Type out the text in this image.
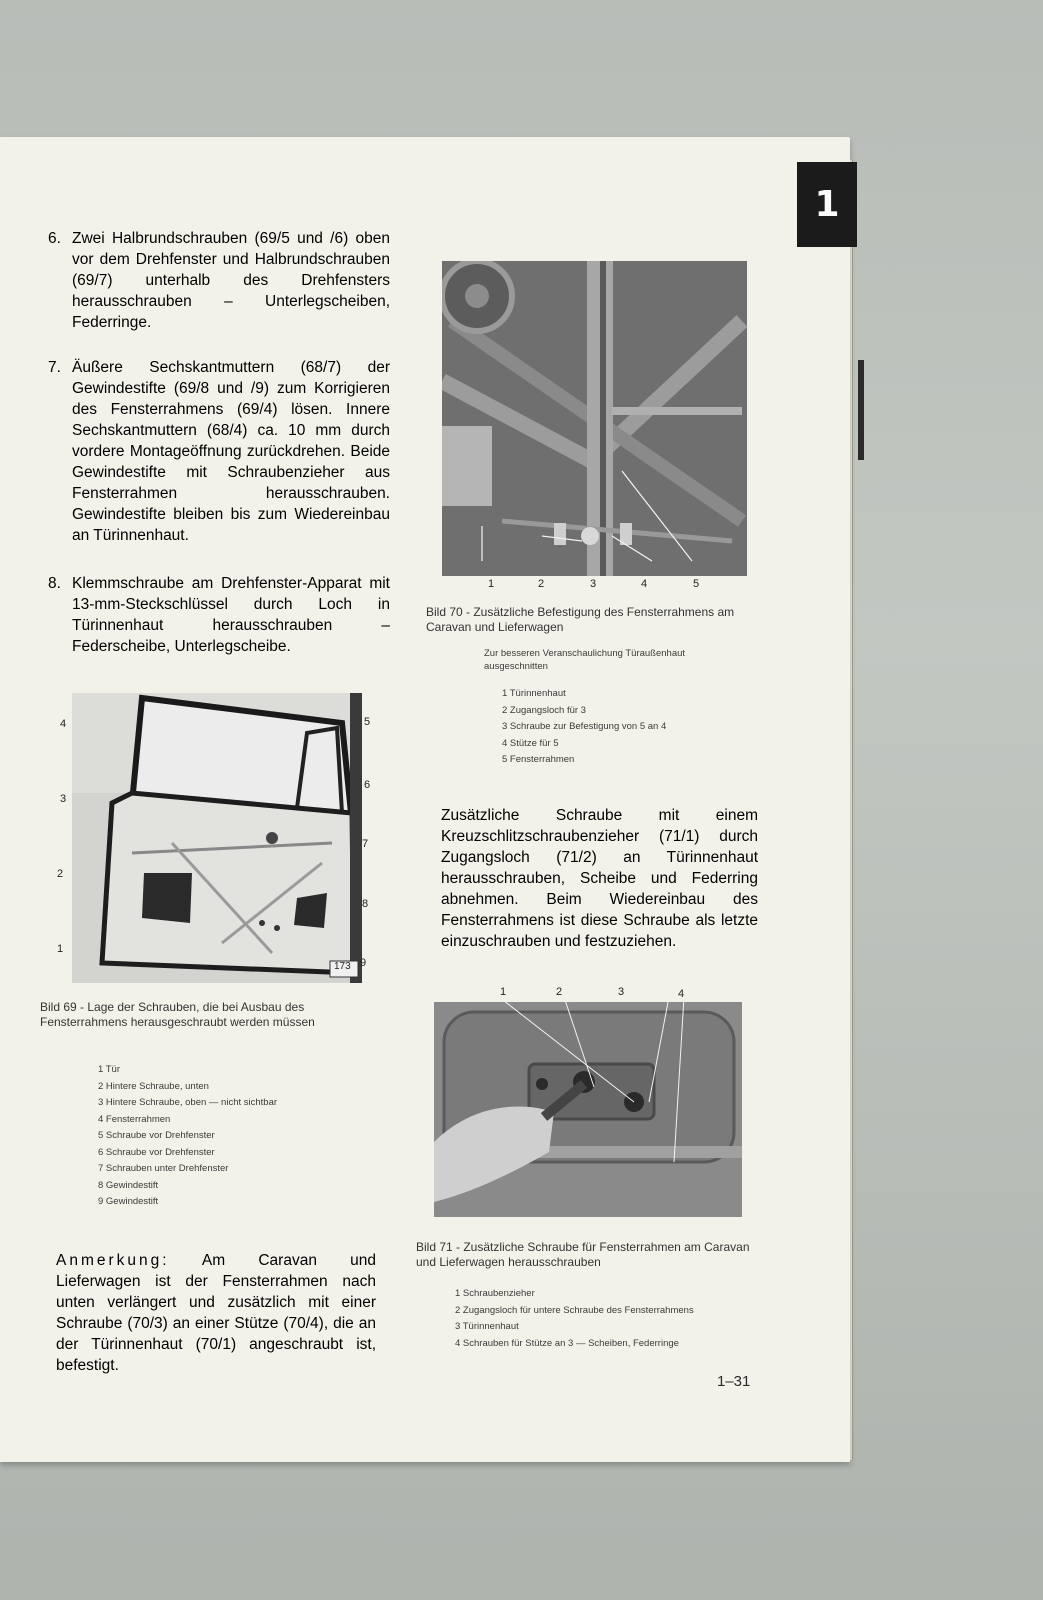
1
6. Zwei Halbrundschrauben (69/5 und /6) oben vor dem Drehfenster und Halbrundschrauben (69/7) unterhalb des Drehfensters herausschrauben – Unterlegscheiben, Federringe.
7. Äußere Sechskantmuttern (68/7) der Gewindestifte (69/8 und /9) zum Korrigieren des Fensterrahmens (69/4) lösen. Innere Sechskantmuttern (68/4) ca. 10 mm durch vordere Montageöffnung zurückdrehen. Beide Gewindestifte mit Schraubenzieher aus Fensterrahmen herausschrauben. Gewindestifte bleiben bis zum Wiedereinbau an Türinnenhaut.
8. Klemmschraube am Drehfenster-Apparat mit 13-mm-Steckschlüssel durch Loch in Türinnenhaut herausschrauben – Federscheibe, Unterlegscheibe.
173
4
3
2
1
5
6
7
8
9
Bild 69 - Lage der Schrauben, die bei Ausbau des Fensterrahmens herausgeschraubt werden müssen
1 Tür
2 Hintere Schraube, unten
3 Hintere Schraube, oben — nicht sichtbar
4 Fensterrahmen
5 Schraube vor Drehfenster
6 Schraube vor Drehfenster
7 Schrauben unter Drehfenster
8 Gewindestift
9 Gewindestift
Anmerkung: Am Caravan und Lieferwagen ist der Fensterrahmen nach unten verlängert und zusätzlich mit einer Schraube (70/3) an einer Stütze (70/4), die an der Türinnenhaut (70/1) angeschraubt ist, befestigt.
1	2	3	4	5
Bild 70 - Zusätzliche Befestigung des Fensterrahmens am Caravan und Lieferwagen
Zur besseren Veranschaulichung Türaußenhaut ausgeschnitten
1 Türinnenhaut
2 Zugangsloch für 3
3 Schraube zur Befestigung von 5 an 4
4 Stütze für 5
5 Fensterrahmen
Zusätzliche Schraube mit einem Kreuzschlitzschraubenzieher (71/1) durch Zugangsloch (71/2) an Türinnenhaut herausschrauben, Scheibe und Federring abnehmen. Beim Wiedereinbau des Fensterrahmens ist diese Schraube als letzte einzuschrauben und festzuziehen.
1	2	3	4
Bild 71 - Zusätzliche Schraube für Fensterrahmen am Caravan und Lieferwagen herausschrauben
1 Schraubenzieher
2 Zugangsloch für untere Schraube des Fensterrahmens
3 Türinnenhaut
4 Schrauben für Stütze an 3 — Scheiben, Federringe
1–31
